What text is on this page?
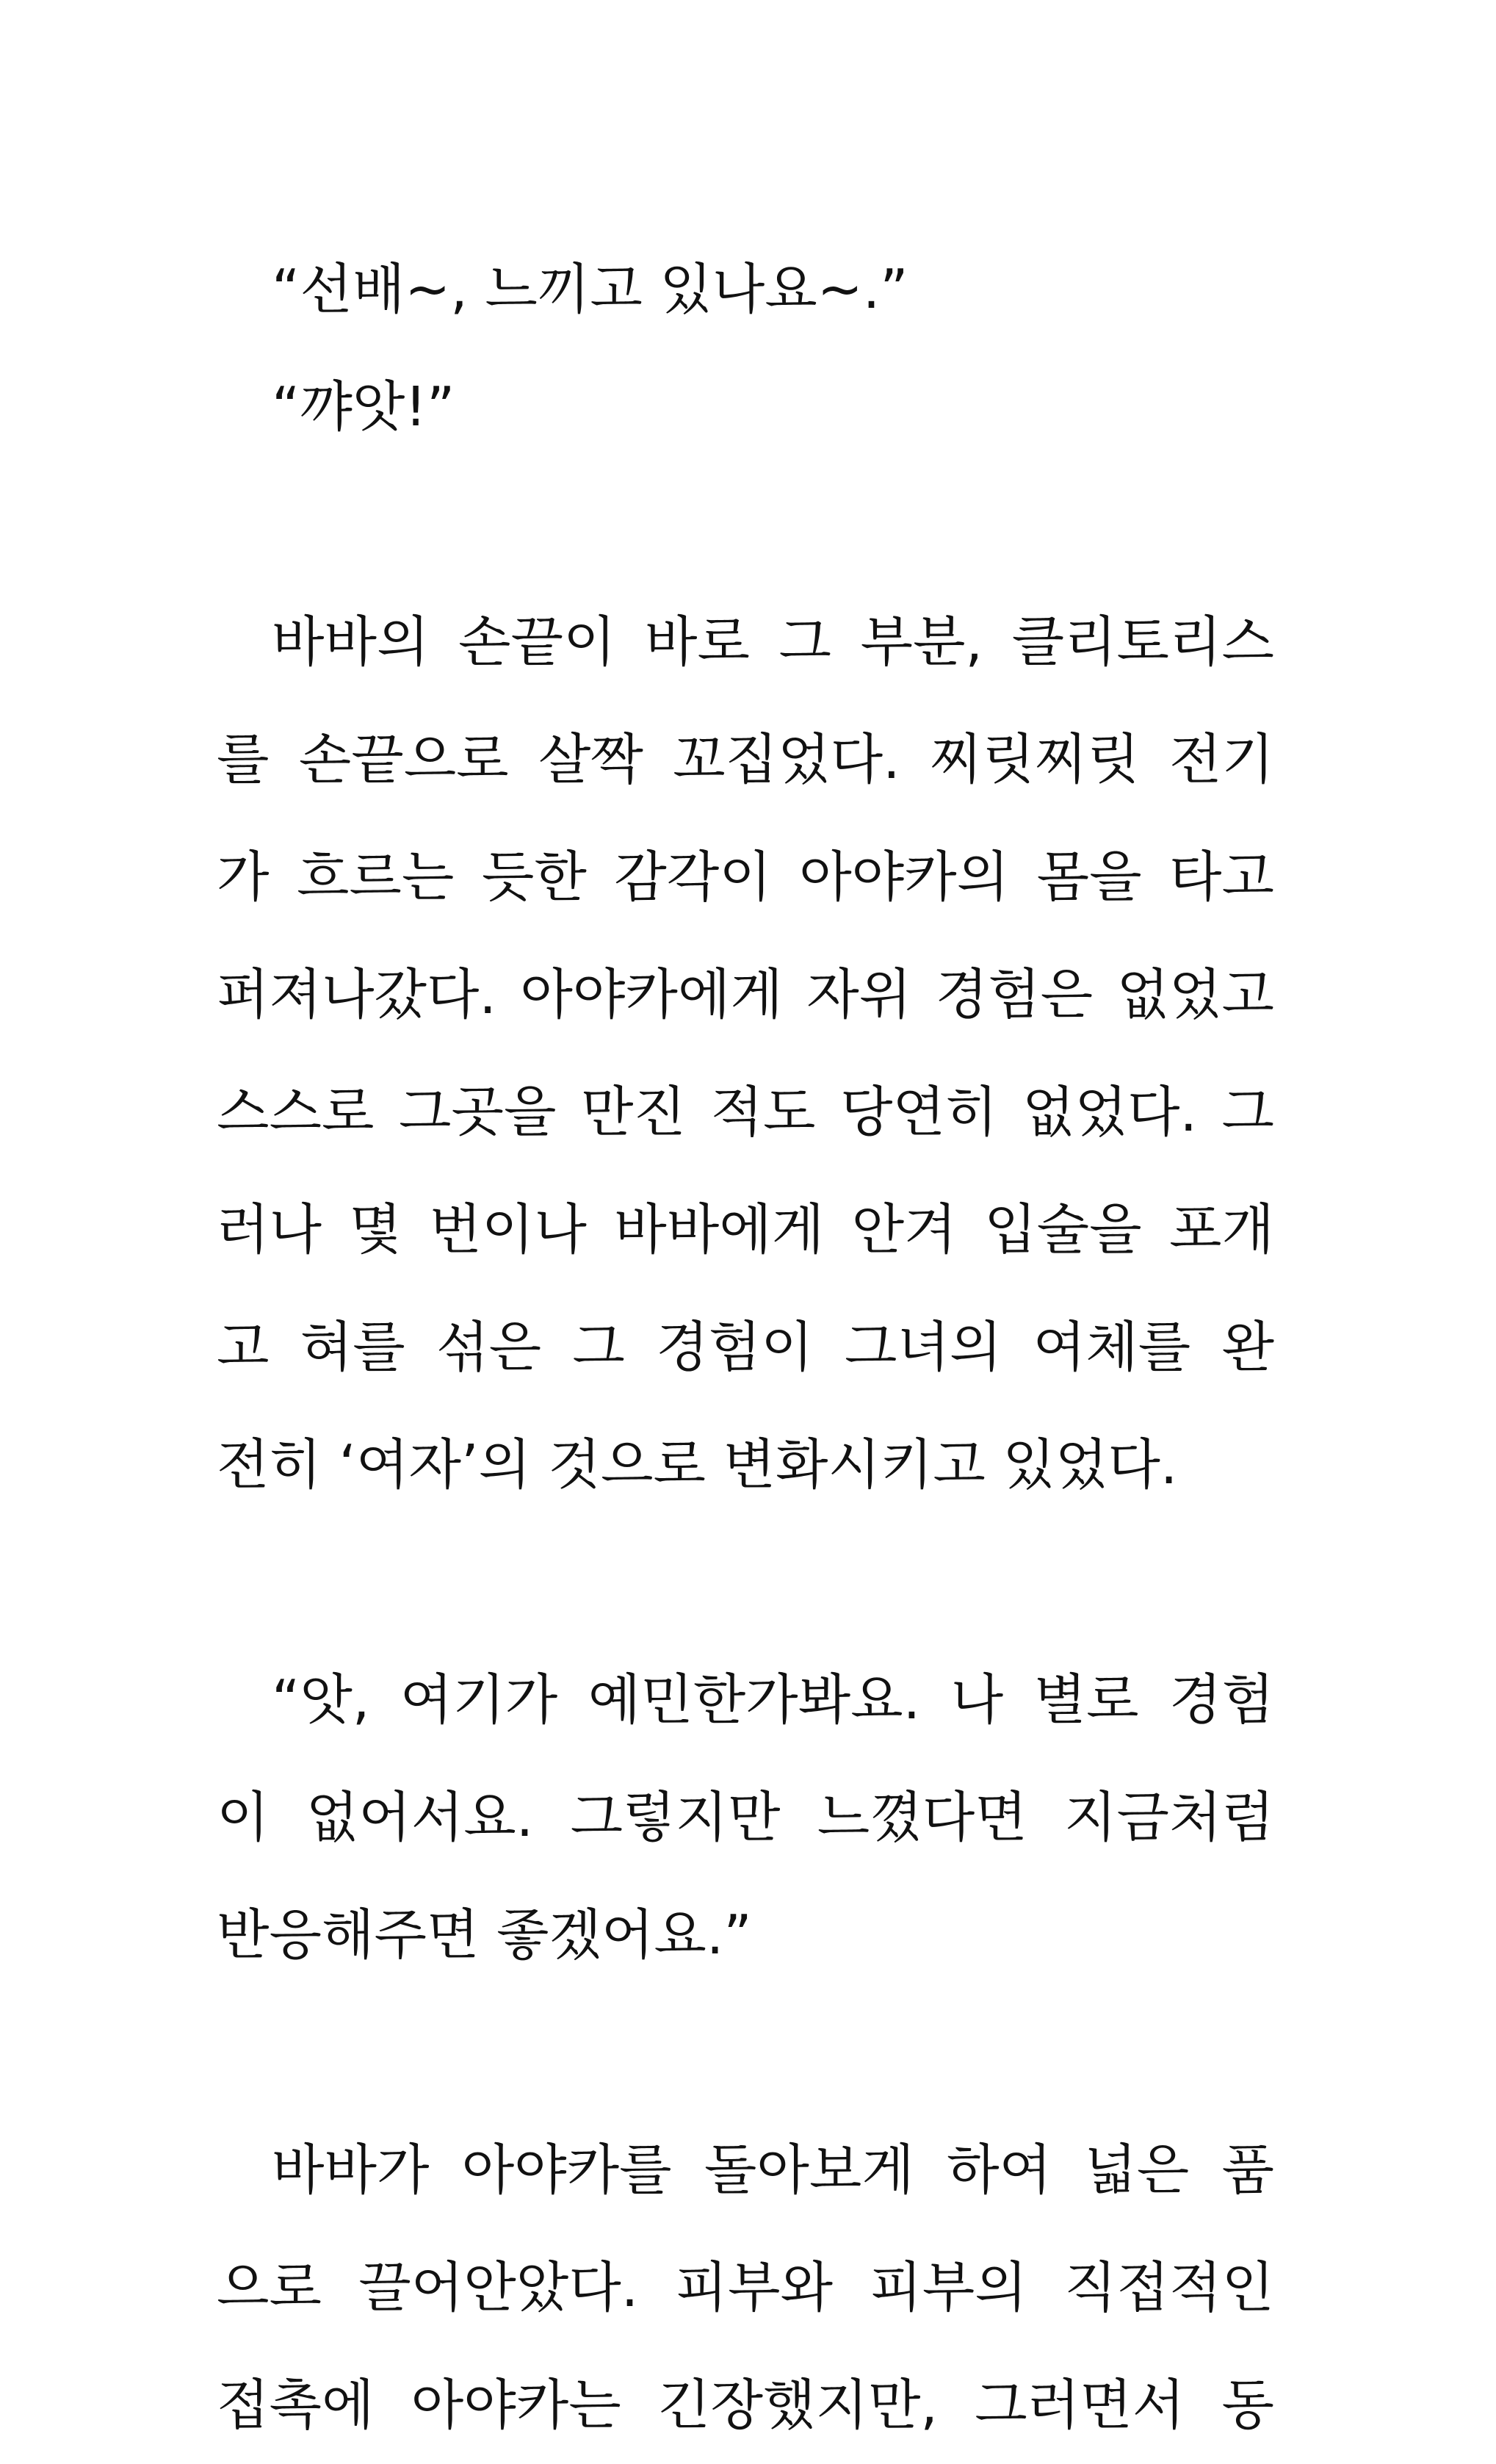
“선배~, 느끼고 있나요~.”
“꺄앗!”
바바의 손끝이 바로 그 부분, 클리토리스
를 손끝으로 살짝 꼬집었다. 찌릿찌릿 전기
가 흐르는 듯한 감각이 아야카의 몸을 타고
퍼져나갔다. 아야카에게 자위 경험은 없었고
스스로 그곳을 만진 적도 당연히 없었다. 그
러나 몇 번이나 바바에게 안겨 입술을 포개
고 혀를 섞은 그 경험이 그녀의 여체를 완
전히 ‘여자’의 것으로 변화시키고 있었다.
“앗, 여기가 예민한가봐요. 나 별로 경험
이 없어서요. 그렇지만 느꼈다면 지금처럼
반응해주면 좋겠어요.”
바바가 아야카를 돌아보게 하여 넓은 품
으로 끌어안았다. 피부와 피부의 직접적인
접촉에 아야카는 긴장했지만, 그러면서 동
